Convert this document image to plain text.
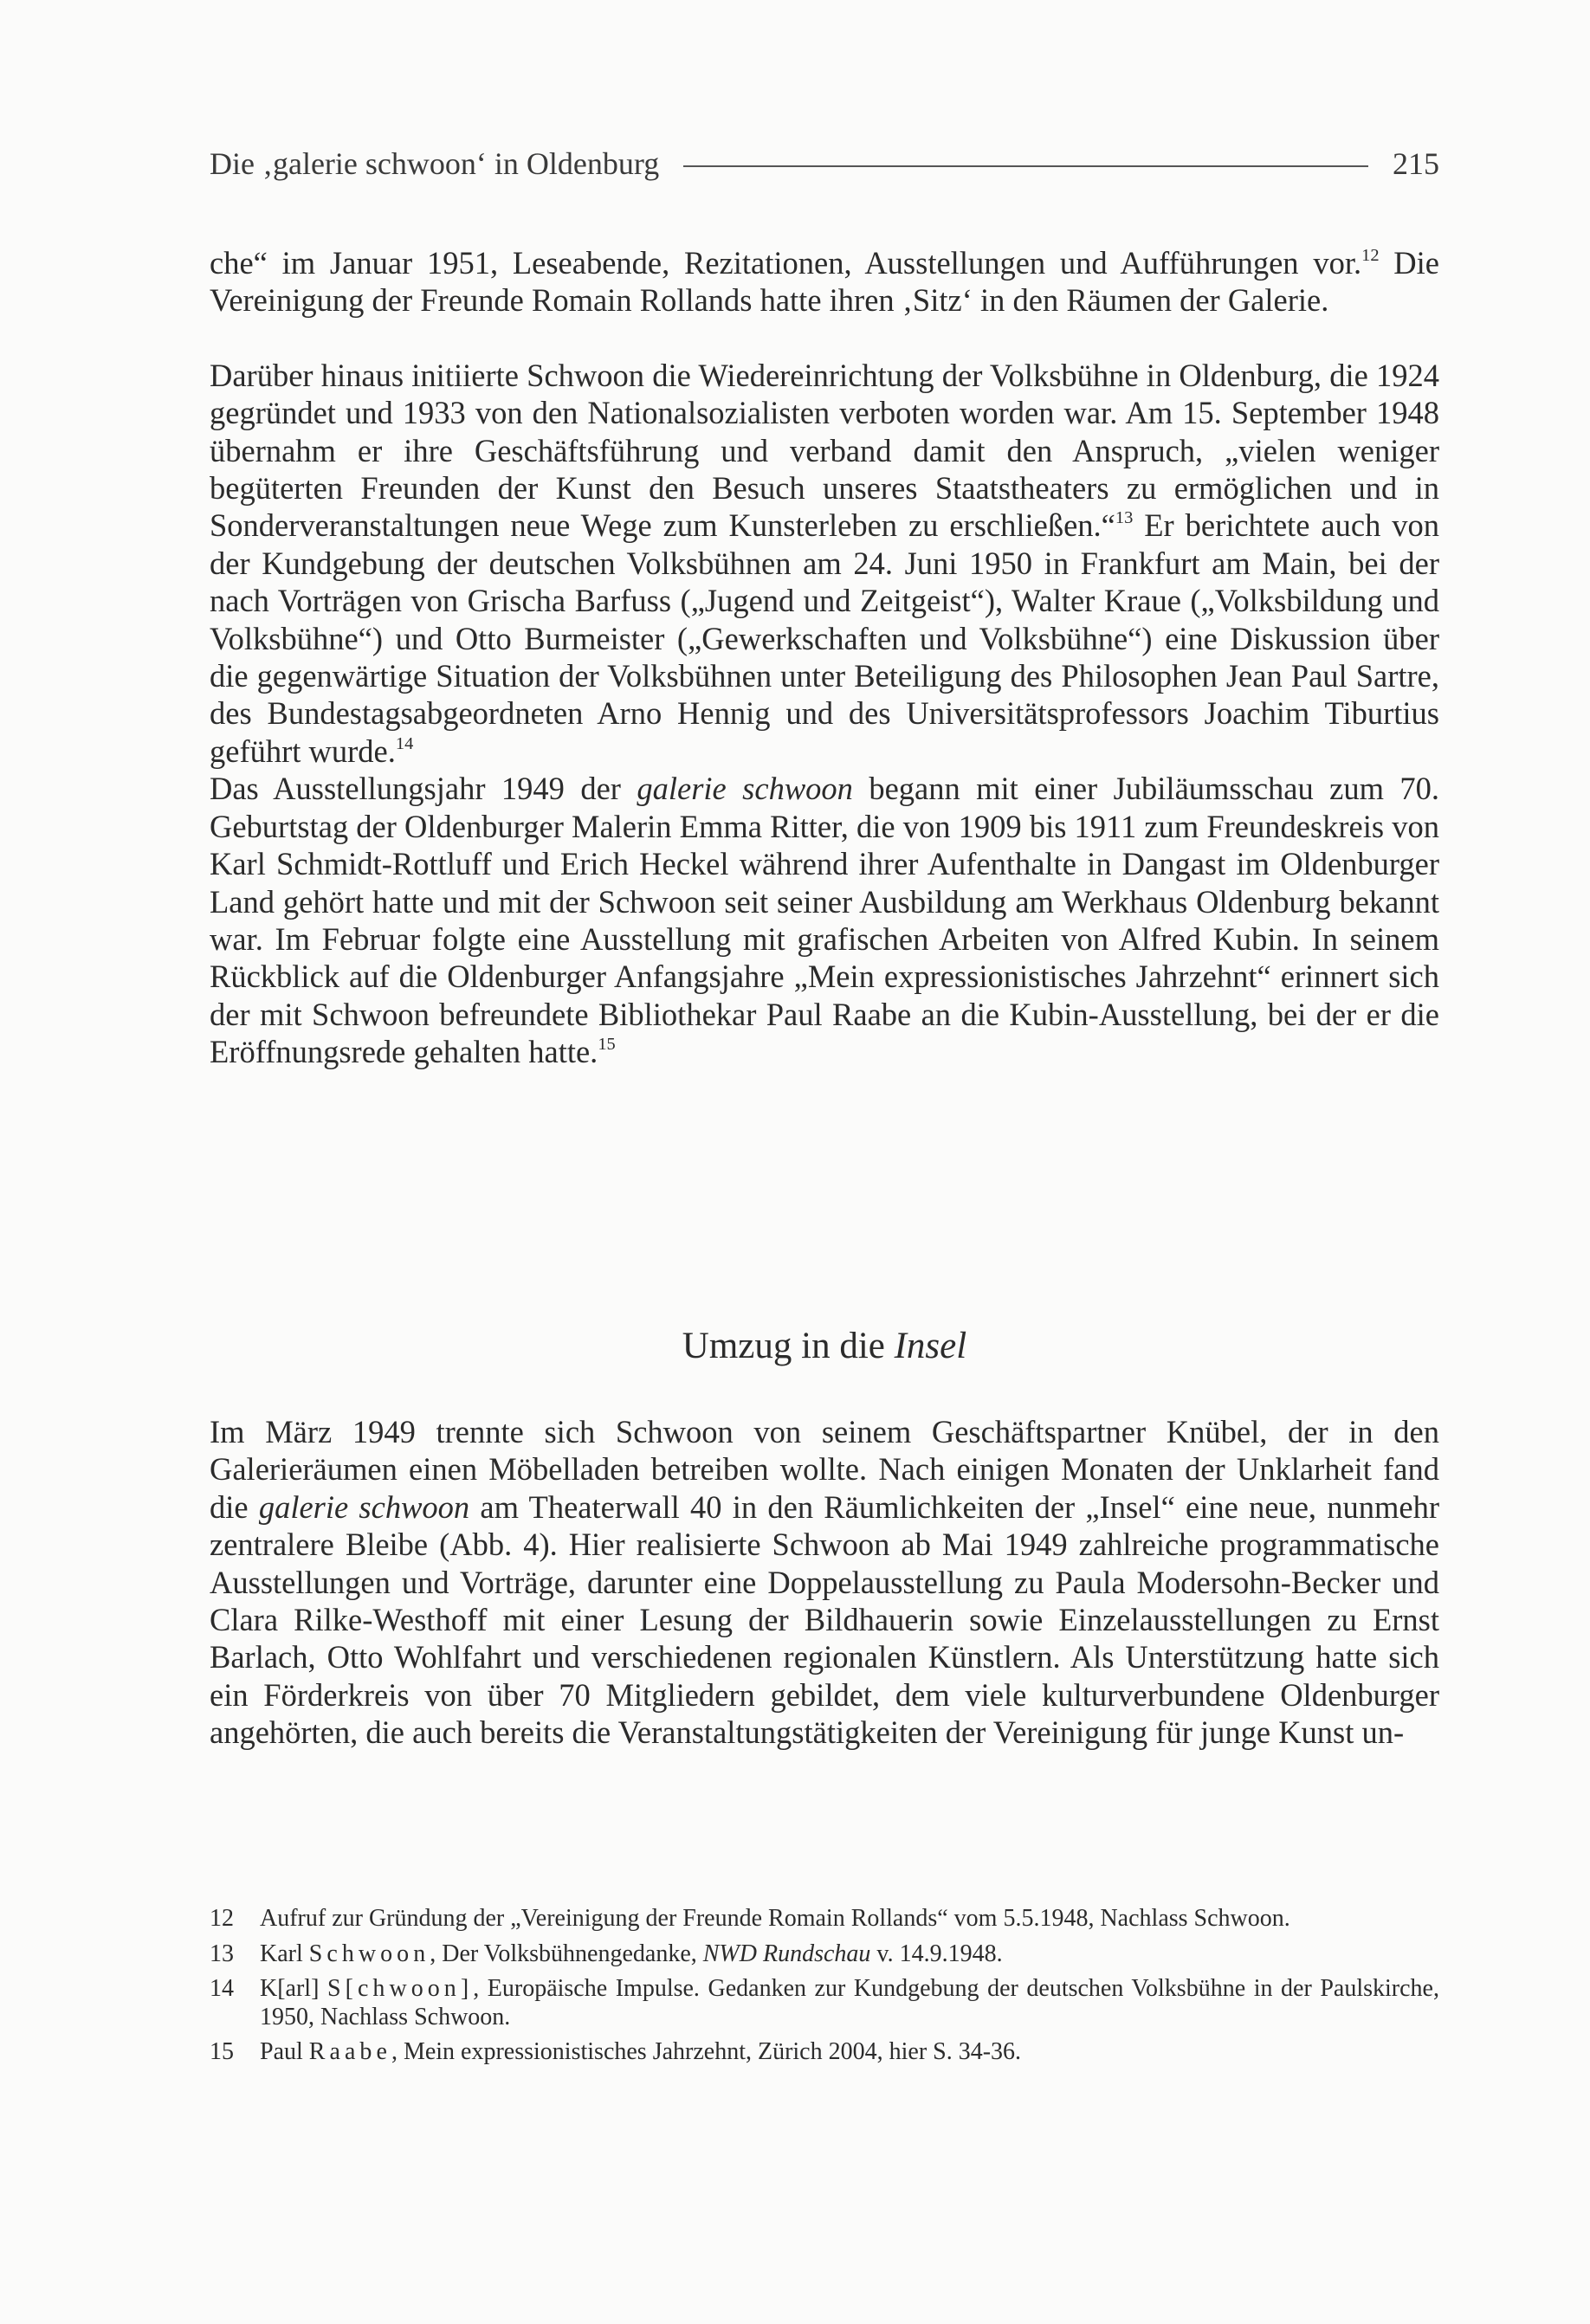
Die ‚galerie schwoon‘ in Oldenburg	215

che“ im Januar 1951, Leseabende, Rezitationen, Ausstellungen und Aufführungen vor.$^{12}$ Die Vereinigung der Freunde Romain Rollands hatte ihren ‚Sitz‘ in den Räumen der Galerie.

Darüber hinaus initiierte Schwoon die Wiedereinrichtung der Volksbühne in Oldenburg, die 1924 gegründet und 1933 von den Nationalsozialisten verboten worden war. Am 15. September 1948 übernahm er ihre Geschäftsführung und verband damit den Anspruch, „vielen weniger begüterten Freunden der Kunst den Besuch unseres Staatstheaters zu ermöglichen und in Sonderveranstaltungen neue Wege zum Kunsterleben zu erschließen.“$^{13}$ Er berichtete auch von der Kundgebung der deutschen Volksbühnen am 24. Juni 1950 in Frankfurt am Main, bei der nach Vorträgen von Grischa Barfuss („Jugend und Zeitgeist“), Walter Kraue („Volksbildung und Volksbühne“) und Otto Burmeister („Gewerkschaften und Volksbühne“) eine Diskussion über die gegenwärtige Situation der Volksbühnen unter Beteiligung des Philosophen Jean Paul Sartre, des Bundestagsabgeordneten Arno Hennig und des Universitätsprofessors Joachim Tiburtius geführt wurde.$^{14}$

Das Ausstellungsjahr 1949 der galerie schwoon begann mit einer Jubiläumsschau zum 70. Geburtstag der Oldenburger Malerin Emma Ritter, die von 1909 bis 1911 zum Freundeskreis von Karl Schmidt-Rottluff und Erich Heckel während ihrer Aufenthalte in Dangast im Oldenburger Land gehört hatte und mit der Schwoon seit seiner Ausbildung am Werkhaus Oldenburg bekannt war. Im Februar folgte eine Ausstellung mit grafischen Arbeiten von Alfred Kubin. In seinem Rückblick auf die Oldenburger Anfangsjahre „Mein expressionistisches Jahrzehnt“ erinnert sich der mit Schwoon befreundete Bibliothekar Paul Raabe an die Kubin-Ausstellung, bei der er die Eröffnungsrede gehalten hatte.$^{15}$

Umzug in die Insel

Im März 1949 trennte sich Schwoon von seinem Geschäftspartner Knübel, der in den Galerieräumen einen Möbelladen betreiben wollte. Nach einigen Monaten der Unklarheit fand die galerie schwoon am Theaterwall 40 in den Räumlichkeiten der „Insel“ eine neue, nunmehr zentralere Bleibe (Abb. 4). Hier realisierte Schwoon ab Mai 1949 zahlreiche programmatische Ausstellungen und Vorträge, darunter eine Doppelausstellung zu Paula Modersohn-Becker und Clara Rilke-Westhoff mit einer Lesung der Bildhauerin sowie Einzelausstellungen zu Ernst Barlach, Otto Wohlfahrt und verschiedenen regionalen Künstlern. Als Unterstützung hatte sich ein Förderkreis von über 70 Mitgliedern gebildet, dem viele kulturverbundene Oldenburger angehörten, die auch bereits die Veranstaltungstätigkeiten der Vereinigung für junge Kunst un-

12	Aufruf zur Gründung der „Vereinigung der Freunde Romain Rollands“ vom 5.5.1948, Nachlass Schwoon.
13	Karl Schwoon, Der Volksbühnengedanke, NWD Rundschau v. 14.9.1948.
14	K[arl] S[chwoon], Europäische Impulse. Gedanken zur Kundgebung der deutschen Volksbühne in der Paulskirche, 1950, Nachlass Schwoon.
15	Paul Raabe, Mein expressionistisches Jahrzehnt, Zürich 2004, hier S. 34-36.
